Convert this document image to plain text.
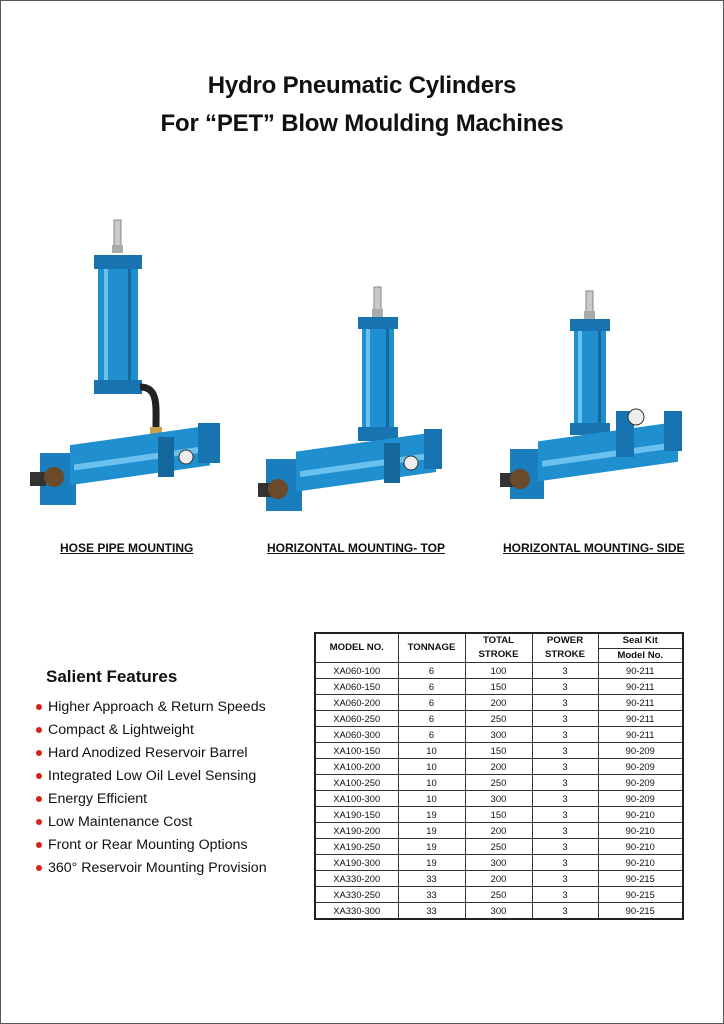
Hydro Pneumatic Cylinders
For “PET” Blow Moulding Machines
HOSE PIPE MOUNTING	HORIZONTAL MOUNTING- TOP	HORIZONTAL MOUNTING- SIDE
Salient Features
Higher Approach & Return Speeds
Compact & Lightweight
Hard Anodized Reservoir Barrel
Integrated Low Oil Level Sensing
Energy Efficient
Low Maintenance Cost
Front or Rear Mounting Options
360° Reservoir Mounting Provision
MODEL NO.	TONNAGE	TOTAL	POWER	Seal Kit
		STROKE	STROKE	Model No.
XA060-100	6	100	3	90-211
XA060-150	6	150	3	90-211
XA060-200	6	200	3	90-211
XA060-250	6	250	3	90-211
XA060-300	6	300	3	90-211
XA100-150	10	150	3	90-209
XA100-200	10	200	3	90-209
XA100-250	10	250	3	90-209
XA100-300	10	300	3	90-209
XA190-150	19	150	3	90-210
XA190-200	19	200	3	90-210
XA190-250	19	250	3	90-210
XA190-300	19	300	3	90-210
XA330-200	33	200	3	90-215
XA330-250	33	250	3	90-215
XA330-300	33	300	3	90-215
